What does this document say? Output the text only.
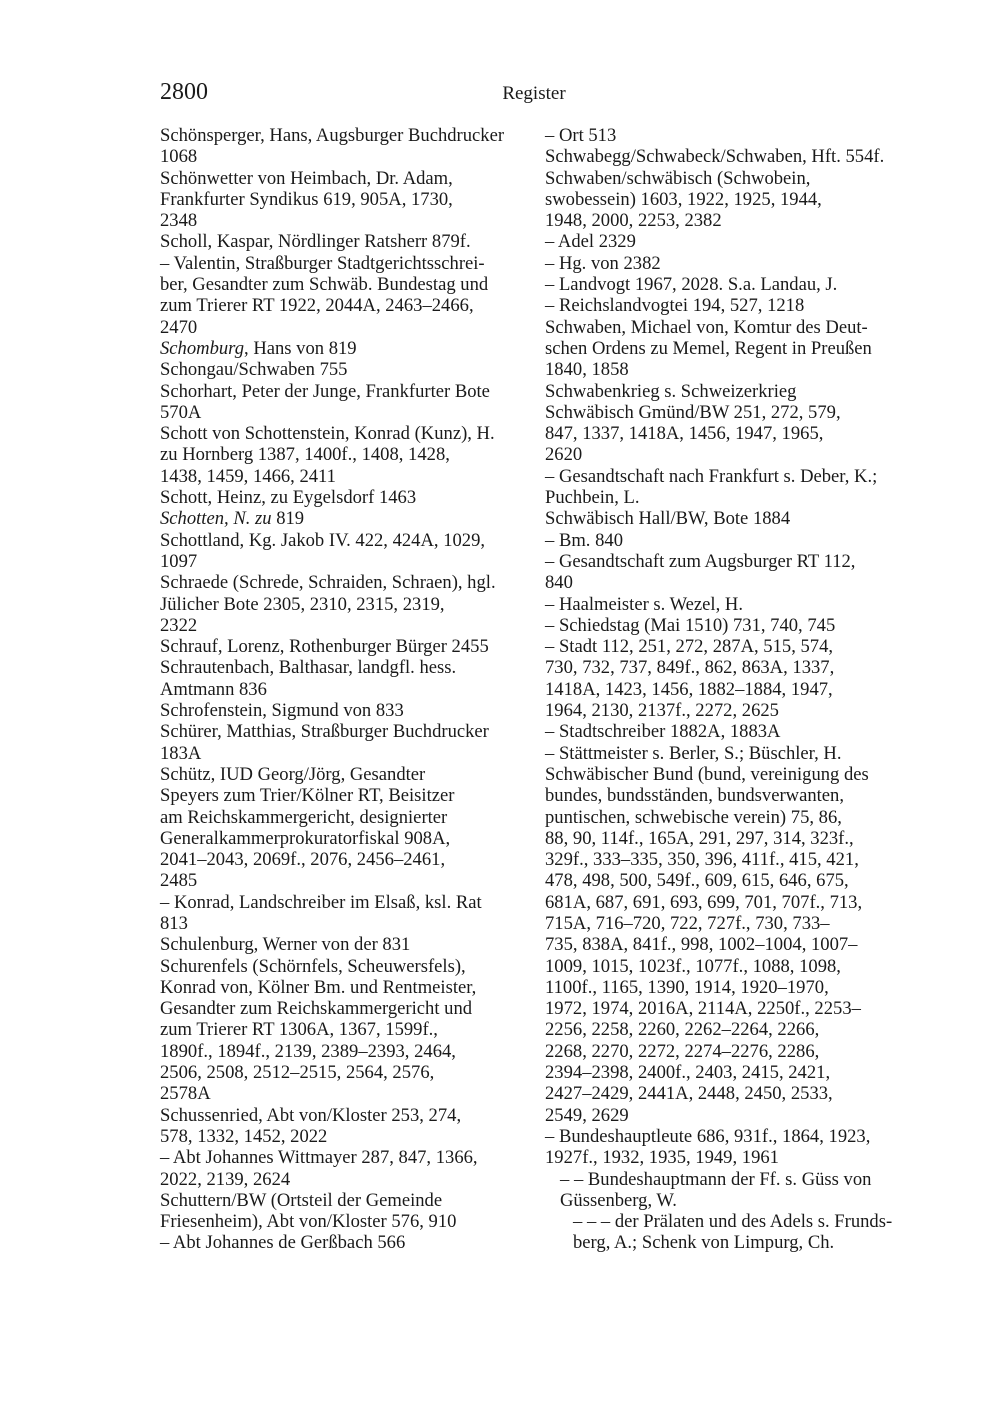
2800	Register
Schönsperger, Hans, Augsburger Buchdrucker
1068
Schönwetter von Heimbach, Dr. Adam,
Frankfurter Syndikus 619, 905A, 1730,
2348
Scholl, Kaspar, Nördlinger Ratsherr 879f.
– Valentin, Straßburger Stadtgerichtsschrei-
ber, Gesandter zum Schwäb. Bundestag und
zum Trierer RT 1922, 2044A, 2463–2466,
2470
Schomburg, Hans von 819
Schongau/Schwaben 755
Schorhart, Peter der Junge, Frankfurter Bote
570A
Schott von Schottenstein, Konrad (Kunz), H.
zu Hornberg 1387, 1400f., 1408, 1428,
1438, 1459, 1466, 2411
Schott, Heinz, zu Eygelsdorf 1463
Schotten, N. zu 819
Schottland, Kg. Jakob IV. 422, 424A, 1029,
1097
Schraede (Schrede, Schraiden, Schraen), hgl.
Jülicher Bote 2305, 2310, 2315, 2319,
2322
Schrauf, Lorenz, Rothenburger Bürger 2455
Schrautenbach, Balthasar, landgfl. hess.
Amtmann 836
Schrofenstein, Sigmund von 833
Schürer, Matthias, Straßburger Buchdrucker
183A
Schütz, IUD Georg/Jörg, Gesandter
Speyers zum Trier/Kölner RT, Beisitzer
am Reichskammergericht, designierter
Generalkammerprokuratorfiskal 908A,
2041–2043, 2069f., 2076, 2456–2461,
2485
– Konrad, Landschreiber im Elsaß, ksl. Rat
813
Schulenburg, Werner von der 831
Schurenfels (Schörnfels, Scheuwersfels),
Konrad von, Kölner Bm. und Rentmeister,
Gesandter zum Reichskammergericht und
zum Trierer RT 1306A, 1367, 1599f.,
1890f., 1894f., 2139, 2389–2393, 2464,
2506, 2508, 2512–2515, 2564, 2576,
2578A
Schussenried, Abt von/Kloster 253, 274,
578, 1332, 1452, 2022
– Abt Johannes Wittmayer 287, 847, 1366,
2022, 2139, 2624
Schuttern/BW (Ortsteil der Gemeinde
Friesenheim), Abt von/Kloster 576, 910
– Abt Johannes de Gerßbach 566
– Ort 513
Schwabegg/Schwabeck/Schwaben, Hft. 554f.
Schwaben/schwäbisch (Schwobein,
swobessein) 1603, 1922, 1925, 1944,
1948, 2000, 2253, 2382
– Adel 2329
– Hg. von 2382
– Landvogt 1967, 2028. S.a. Landau, J.
– Reichslandvogtei 194, 527, 1218
Schwaben, Michael von, Komtur des Deut-
schen Ordens zu Memel, Regent in Preußen
1840, 1858
Schwabenkrieg s. Schweizerkrieg
Schwäbisch Gmünd/BW 251, 272, 579,
847, 1337, 1418A, 1456, 1947, 1965,
2620
– Gesandtschaft nach Frankfurt s. Deber, K.;
Puchbein, L.
Schwäbisch Hall/BW, Bote 1884
– Bm. 840
– Gesandtschaft zum Augsburger RT 112,
840
– Haalmeister s. Wezel, H.
– Schiedstag (Mai 1510) 731, 740, 745
– Stadt 112, 251, 272, 287A, 515, 574,
730, 732, 737, 849f., 862, 863A, 1337,
1418A, 1423, 1456, 1882–1884, 1947,
1964, 2130, 2137f., 2272, 2625
– Stadtschreiber 1882A, 1883A
– Stättmeister s. Berler, S.; Büschler, H.
Schwäbischer Bund (bund, vereinigung des
bundes, bundsständen, bundsverwanten,
puntischen, schwebische verein) 75, 86,
88, 90, 114f., 165A, 291, 297, 314, 323f.,
329f., 333–335, 350, 396, 411f., 415, 421,
478, 498, 500, 549f., 609, 615, 646, 675,
681A, 687, 691, 693, 699, 701, 707f., 713,
715A, 716–720, 722, 727f., 730, 733–
735, 838A, 841f., 998, 1002–1004, 1007–
1009, 1015, 1023f., 1077f., 1088, 1098,
1100f., 1165, 1390, 1914, 1920–1970,
1972, 1974, 2016A, 2114A, 2250f., 2253–
2256, 2258, 2260, 2262–2264, 2266,
2268, 2270, 2272, 2274–2276, 2286,
2394–2398, 2400f., 2403, 2415, 2421,
2427–2429, 2441A, 2448, 2450, 2533,
2549, 2629
– Bundeshauptleute 686, 931f., 1864, 1923,
1927f., 1932, 1935, 1949, 1961
– – Bundeshauptmann der Ff. s. Güss von
Güssenberg, W.
– – – der Prälaten und des Adels s. Frunds-
berg, A.; Schenk von Limpurg, Ch.
